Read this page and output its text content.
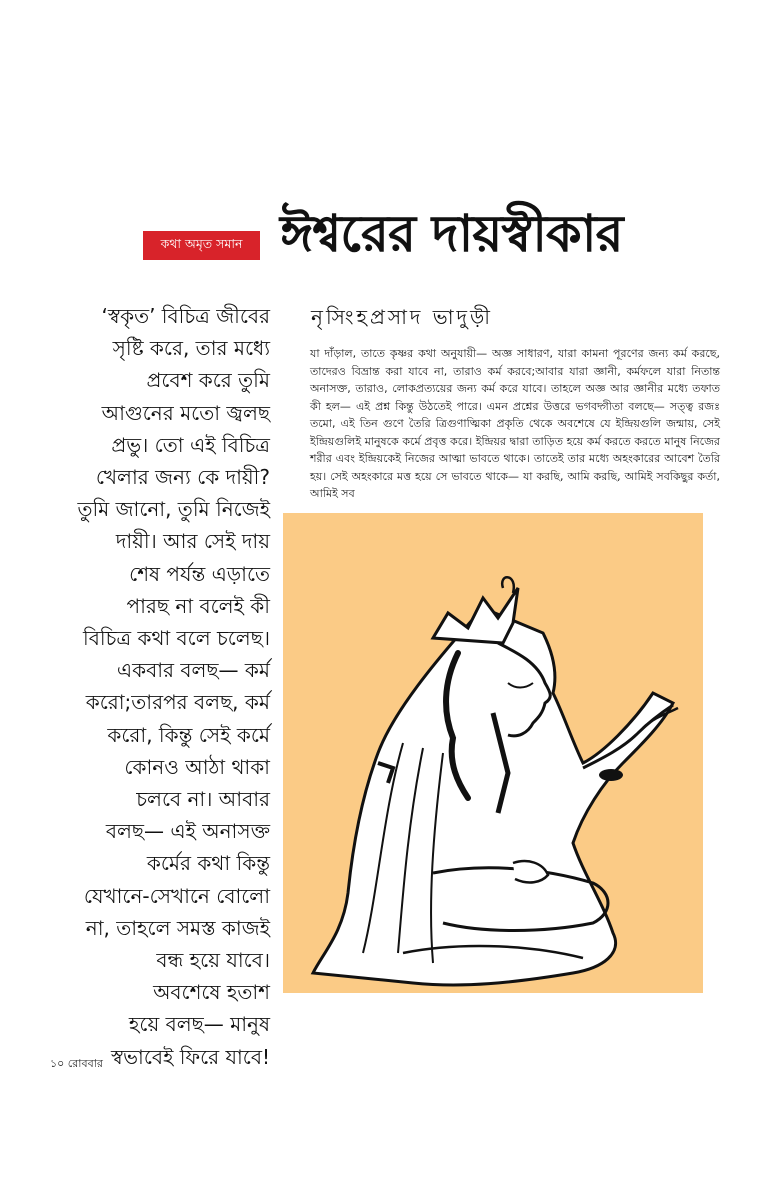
কথা অমৃত সমান ঈশ্বরের দায়স্বীকার
নৃসিংহপ্রসাদ ভাদুড়ী
‘স্বকৃত’ বিচিত্র জীবের
সৃষ্টি করে, তার মধ্যে
প্রবেশ করে তুমি
আগুনের মতো জ্বলছ
প্রভু। তো এই বিচিত্র
খেলার জন্য কে দায়ী?
তুমি জানো, তুমি নিজেই
দায়ী। আর সেই দায়
শেষ পর্যন্ত এড়াতে
পারছ না বলেই কী
বিচিত্র কথা বলে চলেছ।
একবার বলছ— কর্ম
করো;তারপর বলছ, কর্ম
করো, কিন্তু সেই কর্মে
কোনও আঠা থাকা
চলবে না। আবার
বলছ— এই অনাসক্ত
কর্মের কথা কিন্তু
যেখানে-সেখানে বোলো
না, তাহলে সমস্ত কাজই
বন্ধ হয়ে যাবে।
অবশেষে হতাশ
হয়ে বলছ— মানুষ
স্বভাবেই ফিরে যাবে!
যা দাঁড়াল, তাতে কৃষ্ণর কথা অনুযায়ী— অজ্ঞ সাধারণ, যারা কামনা পূরণের জন্য কর্ম করছে, তাদেরও বিভ্রান্ত করা যাবে না, তারাও কর্ম করবে;আবার যারা জ্ঞানী, কর্মফলে যারা নিতান্ত অনাসক্ত, তারাও, লোকপ্রত্যয়ের জন্য কর্ম করে যাবে। তাহলে অজ্ঞ আর জ্ঞানীর মধ্যে তফাত কী হল— এই প্রশ্ন কিন্তু উঠতেই পারে। এমন প্রশ্নের উত্তরে ভগবদ্গীতা বলছে— সত্ত্ব রজঃ তমো, এই তিন গুণে তৈরি ত্রিগুণাত্মিকা প্রকৃতি থেকে অবশেষে যে ইন্দ্রিয়গুলি জন্মায়, সেই ইন্দ্রিয়গুলিই মানুষকে কর্মে প্রবৃত্ত করে। ইন্দ্রিয়র দ্বারা তাড়িত হয়ে কর্ম করতে করতে মানুষ নিজের শরীর এবং ইন্দ্রিয়কেই নিজের আত্মা ভাবতে থাকে। তাতেই তার মধ্যে অহংকারের আবেশ তৈরি হয়। সেই অহংকারে মত্ত হয়ে সে ভাবতে থাকে— যা করছি, আমি করছি, আমিই সবকিছুর কর্তা, আমিই সব
১০ রোববার
